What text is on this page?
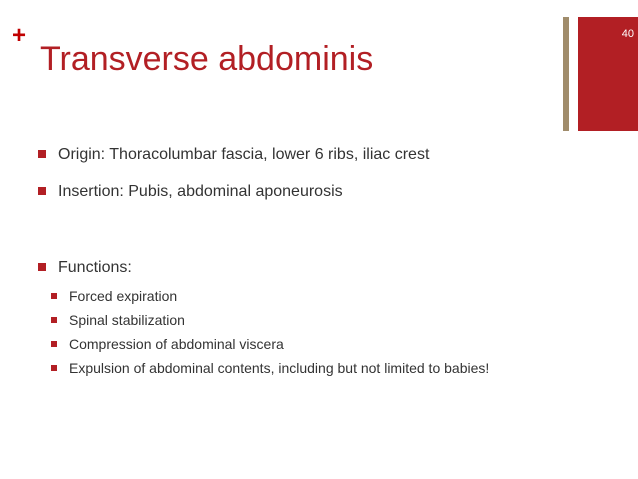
+
Transverse abdominis
40
Origin: Thoracolumbar fascia, lower 6 ribs, iliac crest
Insertion: Pubis, abdominal aponeurosis
Functions:
Forced expiration
Spinal stabilization
Compression of abdominal viscera
Expulsion of abdominal contents, including but not limited to babies!
